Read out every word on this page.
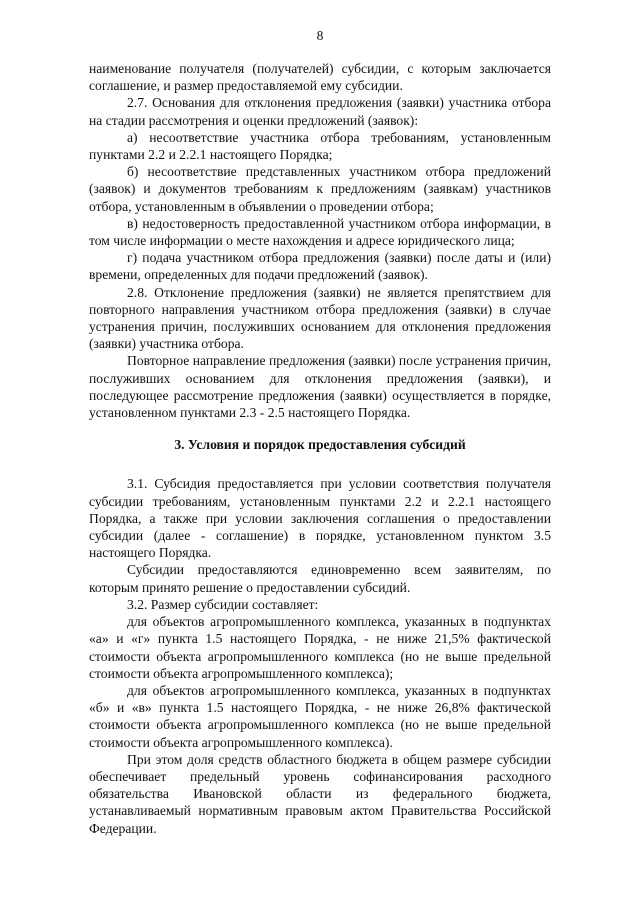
8

наименование получателя (получателей) субсидии, с которым заключается соглашение, и размер предоставляемой ему субсидии.

2.7. Основания для отклонения предложения (заявки) участника отбора на стадии рассмотрения и оценки предложений (заявок):

а) несоответствие участника отбора требованиям, установленным пунктами 2.2 и 2.2.1 настоящего Порядка;

б) несоответствие представленных участником отбора предложений (заявок) и документов требованиям к предложениям (заявкам) участников отбора, установленным в объявлении о проведении отбора;

в) недостоверность предоставленной участником отбора информации, в том числе информации о месте нахождения и адресе юридического лица;

г) подача участником отбора предложения (заявки) после даты и (или) времени, определенных для подачи предложений (заявок).

2.8. Отклонение предложения (заявки) не является препятствием для повторного направления участником отбора предложения (заявки) в случае устранения причин, послуживших основанием для отклонения предложения (заявки) участника отбора.

Повторное направление предложения (заявки) после устранения причин, послуживших основанием для отклонения предложения (заявки), и последующее рассмотрение предложения (заявки) осуществляется в порядке, установленном пунктами 2.3 - 2.5 настоящего Порядка.

3. Условия и порядок предоставления субсидий

3.1. Субсидия предоставляется при условии соответствия получателя субсидии требованиям, установленным пунктами 2.2 и 2.2.1 настоящего Порядка, а также при условии заключения соглашения о предоставлении субсидии (далее - соглашение) в порядке, установленном пунктом 3.5 настоящего Порядка.

Субсидии предоставляются единовременно всем заявителям, по которым принято решение о предоставлении субсидий.

3.2. Размер субсидии составляет:

для объектов агропромышленного комплекса, указанных в подпунктах «а» и «г» пункта 1.5 настоящего Порядка, - не ниже 21,5% фактической стоимости объекта агропромышленного комплекса (но не выше предельной стоимости объекта агропромышленного комплекса);

для объектов агропромышленного комплекса, указанных в подпунктах «б» и «в» пункта 1.5 настоящего Порядка, - не ниже 26,8% фактической стоимости объекта агропромышленного комплекса (но не выше предельной стоимости объекта агропромышленного комплекса).

При этом доля средств областного бюджета в общем размере субсидии обеспечивает предельный уровень софинансирования расходного обязательства Ивановской области из федерального бюджета, устанавливаемый нормативным правовым актом Правительства Российской Федерации.
